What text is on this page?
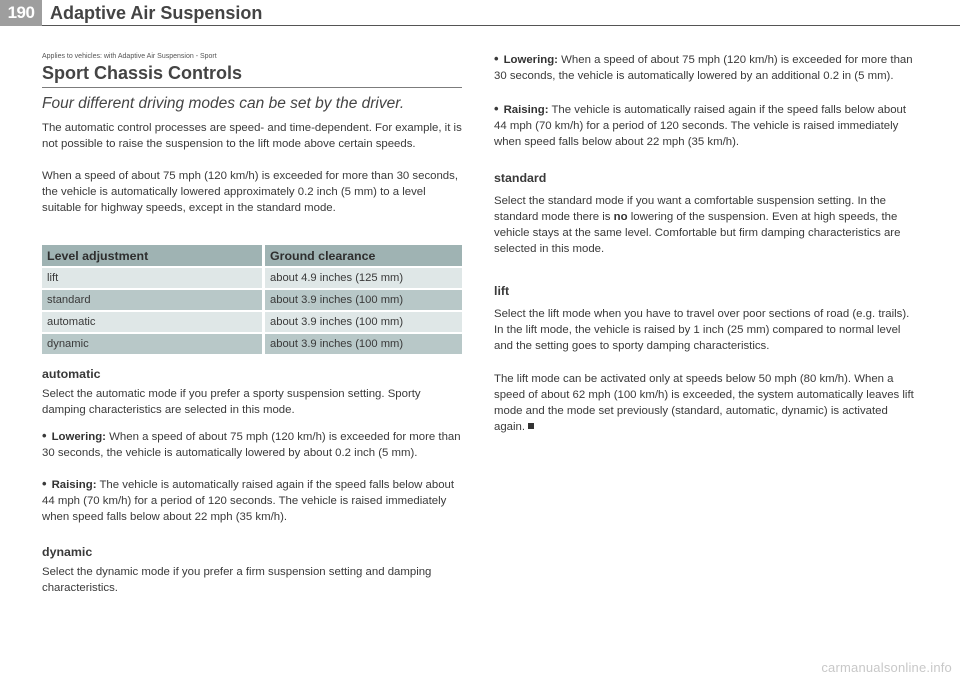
190 Adaptive Air Suspension
Applies to vehicles: with Adaptive Air Suspension - Sport
Sport Chassis Controls
Four different driving modes can be set by the driver.
The automatic control processes are speed- and time-dependent. For example, it is not possible to raise the suspension to the lift mode above certain speeds.
When a speed of about 75 mph (120 km/h) is exceeded for more than 30 seconds, the vehicle is automatically lowered approximately 0.2 inch (5 mm) to a level suitable for highway speeds, except in the standard mode.
Level adjustment	Ground clearance
lift	about 4.9 inches (125 mm)
standard	about 3.9 inches (100 mm)
automatic	about 3.9 inches (100 mm)
dynamic	about 3.9 inches (100 mm)
automatic
Select the automatic mode if you prefer a sporty suspension setting. Sporty damping characteristics are selected in this mode.
• Lowering: When a speed of about 75 mph (120 km/h) is exceeded for more than 30 seconds, the vehicle is automatically lowered by about 0.2 inch (5 mm).
• Raising: The vehicle is automatically raised again if the speed falls below about 44 mph (70 km/h) for a period of 120 seconds. The vehicle is raised immediately when speed falls below about 22 mph (35 km/h).
dynamic
Select the dynamic mode if you prefer a firm suspension setting and damping characteristics.
• Lowering: When a speed of about 75 mph (120 km/h) is exceeded for more than 30 seconds, the vehicle is automatically lowered by an additional 0.2 in (5 mm).
• Raising: The vehicle is automatically raised again if the speed falls below about 44 mph (70 km/h) for a period of 120 seconds. The vehicle is raised immediately when speed falls below about 22 mph (35 km/h).
standard
Select the standard mode if you want a comfortable suspension setting. In the standard mode there is no lowering of the suspension. Even at high speeds, the vehicle stays at the same level. Comfortable but firm damping characteristics are selected in this mode.
lift
Select the lift mode when you have to travel over poor sections of road (e.g. trails). In the lift mode, the vehicle is raised by 1 inch (25 mm) compared to normal level and the setting goes to sporty damping characteristics.
The lift mode can be activated only at speeds below 50 mph (80 km/h). When a speed of about 62 mph (100 km/h) is exceeded, the system automatically leaves lift mode and the mode set previously (standard, automatic, dynamic) is activated again.
carmanualsonline.info
